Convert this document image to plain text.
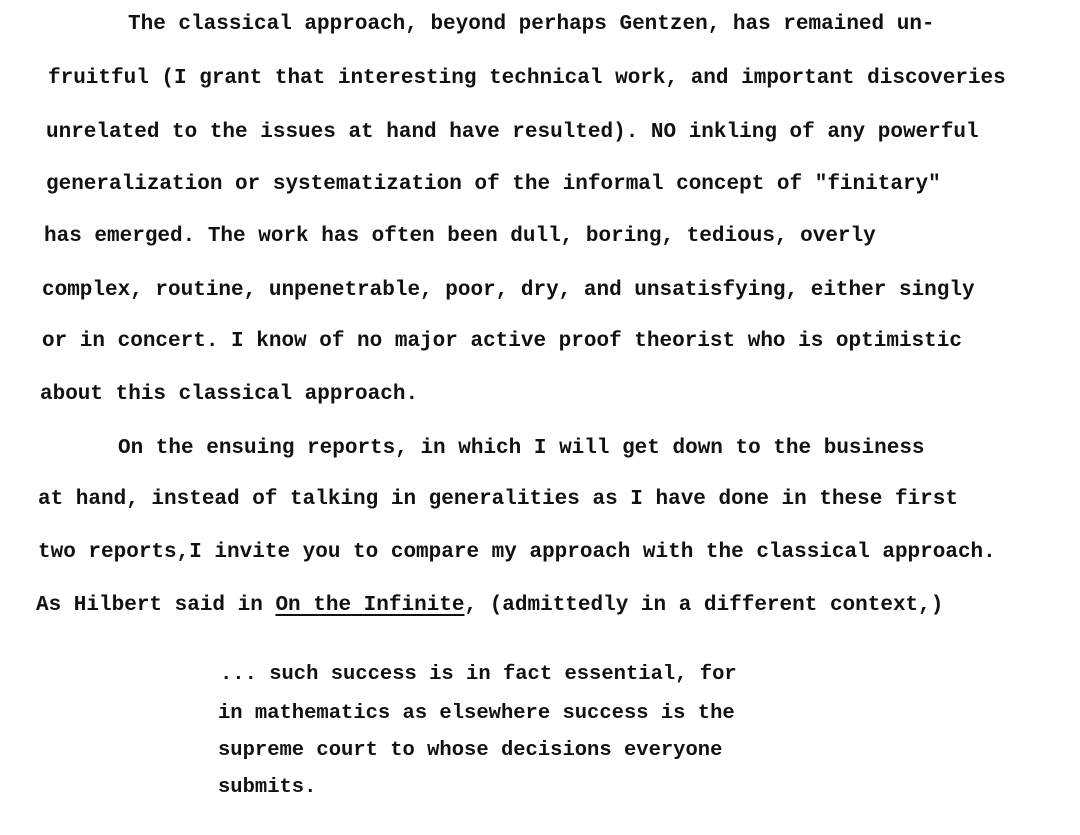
The classical approach, beyond perhaps Gentzen, has remained un-
fruitful (I grant that interesting technical work, and important discoveries
unrelated to the issues at hand have resulted). NO inkling of any powerful
generalization or systematization of the informal concept of "finitary"
has emerged. The work has often been dull, boring, tedious, overly
complex, routine, unpenetrable, poor, dry, and unsatisfying, either singly
or in concert. I know of no major active proof theorist who is optimistic
about this classical approach.
On the ensuing reports, in which I will get down to the business
at hand, instead of talking in generalities as I have done in these first
two reports,I invite you to compare my approach with the classical approach.
As Hilbert said in On the Infinite, (admittedly in a different context,)
... such success is in fact essential, for
in mathematics as elsewhere success is the
supreme court to whose decisions everyone
submits.
